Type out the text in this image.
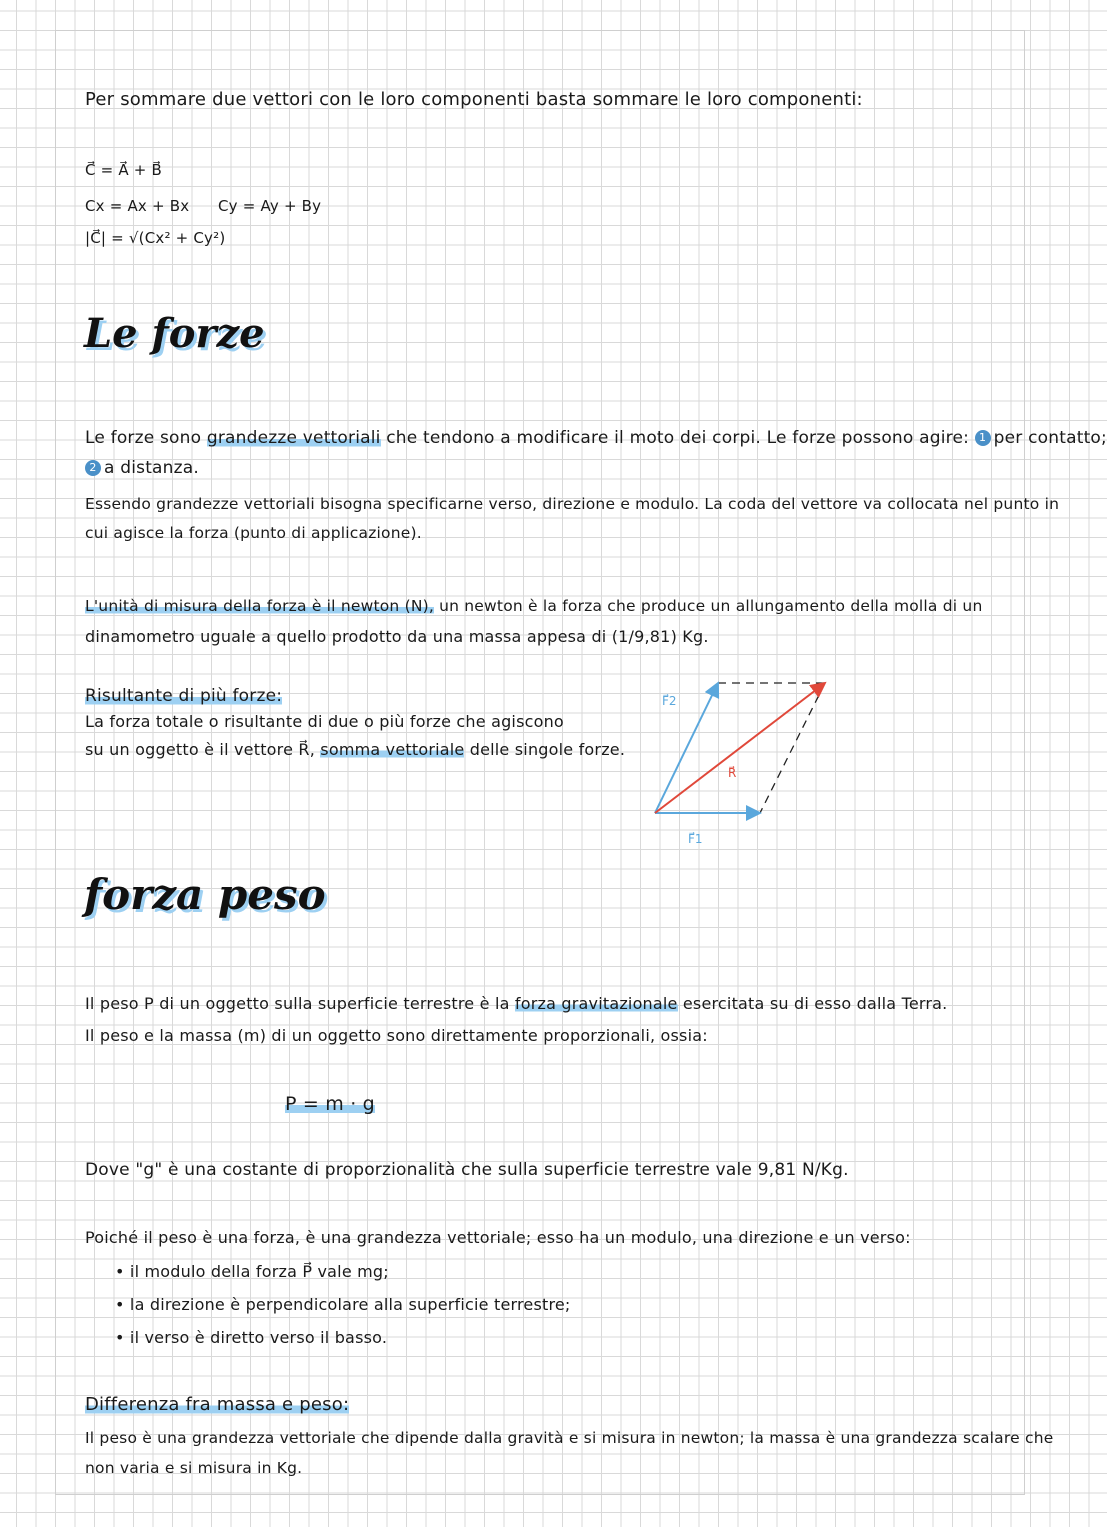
Per sommare due vettori con le loro componenti basta sommare le loro componenti:
C⃗ = A⃗ + B⃗
Cx = Ax + Bx Cy = Ay + By
|C⃗| = √(Cx² + Cy²)
Le forze
Le forze sono grandezze vettoriali che tendono a modificare il moto dei corpi. Le forze possono agire: 1 per contatto;
2 a distanza.
Essendo grandezze vettoriali bisogna specificarne verso, direzione e modulo. La coda del vettore va collocata nel punto in
cui agisce la forza (punto di applicazione).
L'unità di misura della forza è il newton (N), un newton è la forza che produce un allungamento della molla di un
dinamometro uguale a quello prodotto da una massa appesa di (1/9,81) Kg.
Risultante di più forze:
La forza totale o risultante di due o più forze che agiscono
su un oggetto è il vettore R⃗, somma vettoriale delle singole forze.
F⃗2
R⃗
F⃗1
forza peso
Il peso P di un oggetto sulla superficie terrestre è la forza gravitazionale esercitata su di esso dalla Terra.
Il peso e la massa (m) di un oggetto sono direttamente proporzionali, ossia:
P = m · g
Dove "g" è una costante di proporzionalità che sulla superficie terrestre vale 9,81 N/Kg.
Poiché il peso è una forza, è una grandezza vettoriale; esso ha un modulo, una direzione e un verso:
• il modulo della forza P⃗ vale mg;
• la direzione è perpendicolare alla superficie terrestre;
• il verso è diretto verso il basso.
Differenza fra massa e peso:
Il peso è una grandezza vettoriale che dipende dalla gravità e si misura in newton; la massa è una grandezza scalare che
non varia e si misura in Kg.
